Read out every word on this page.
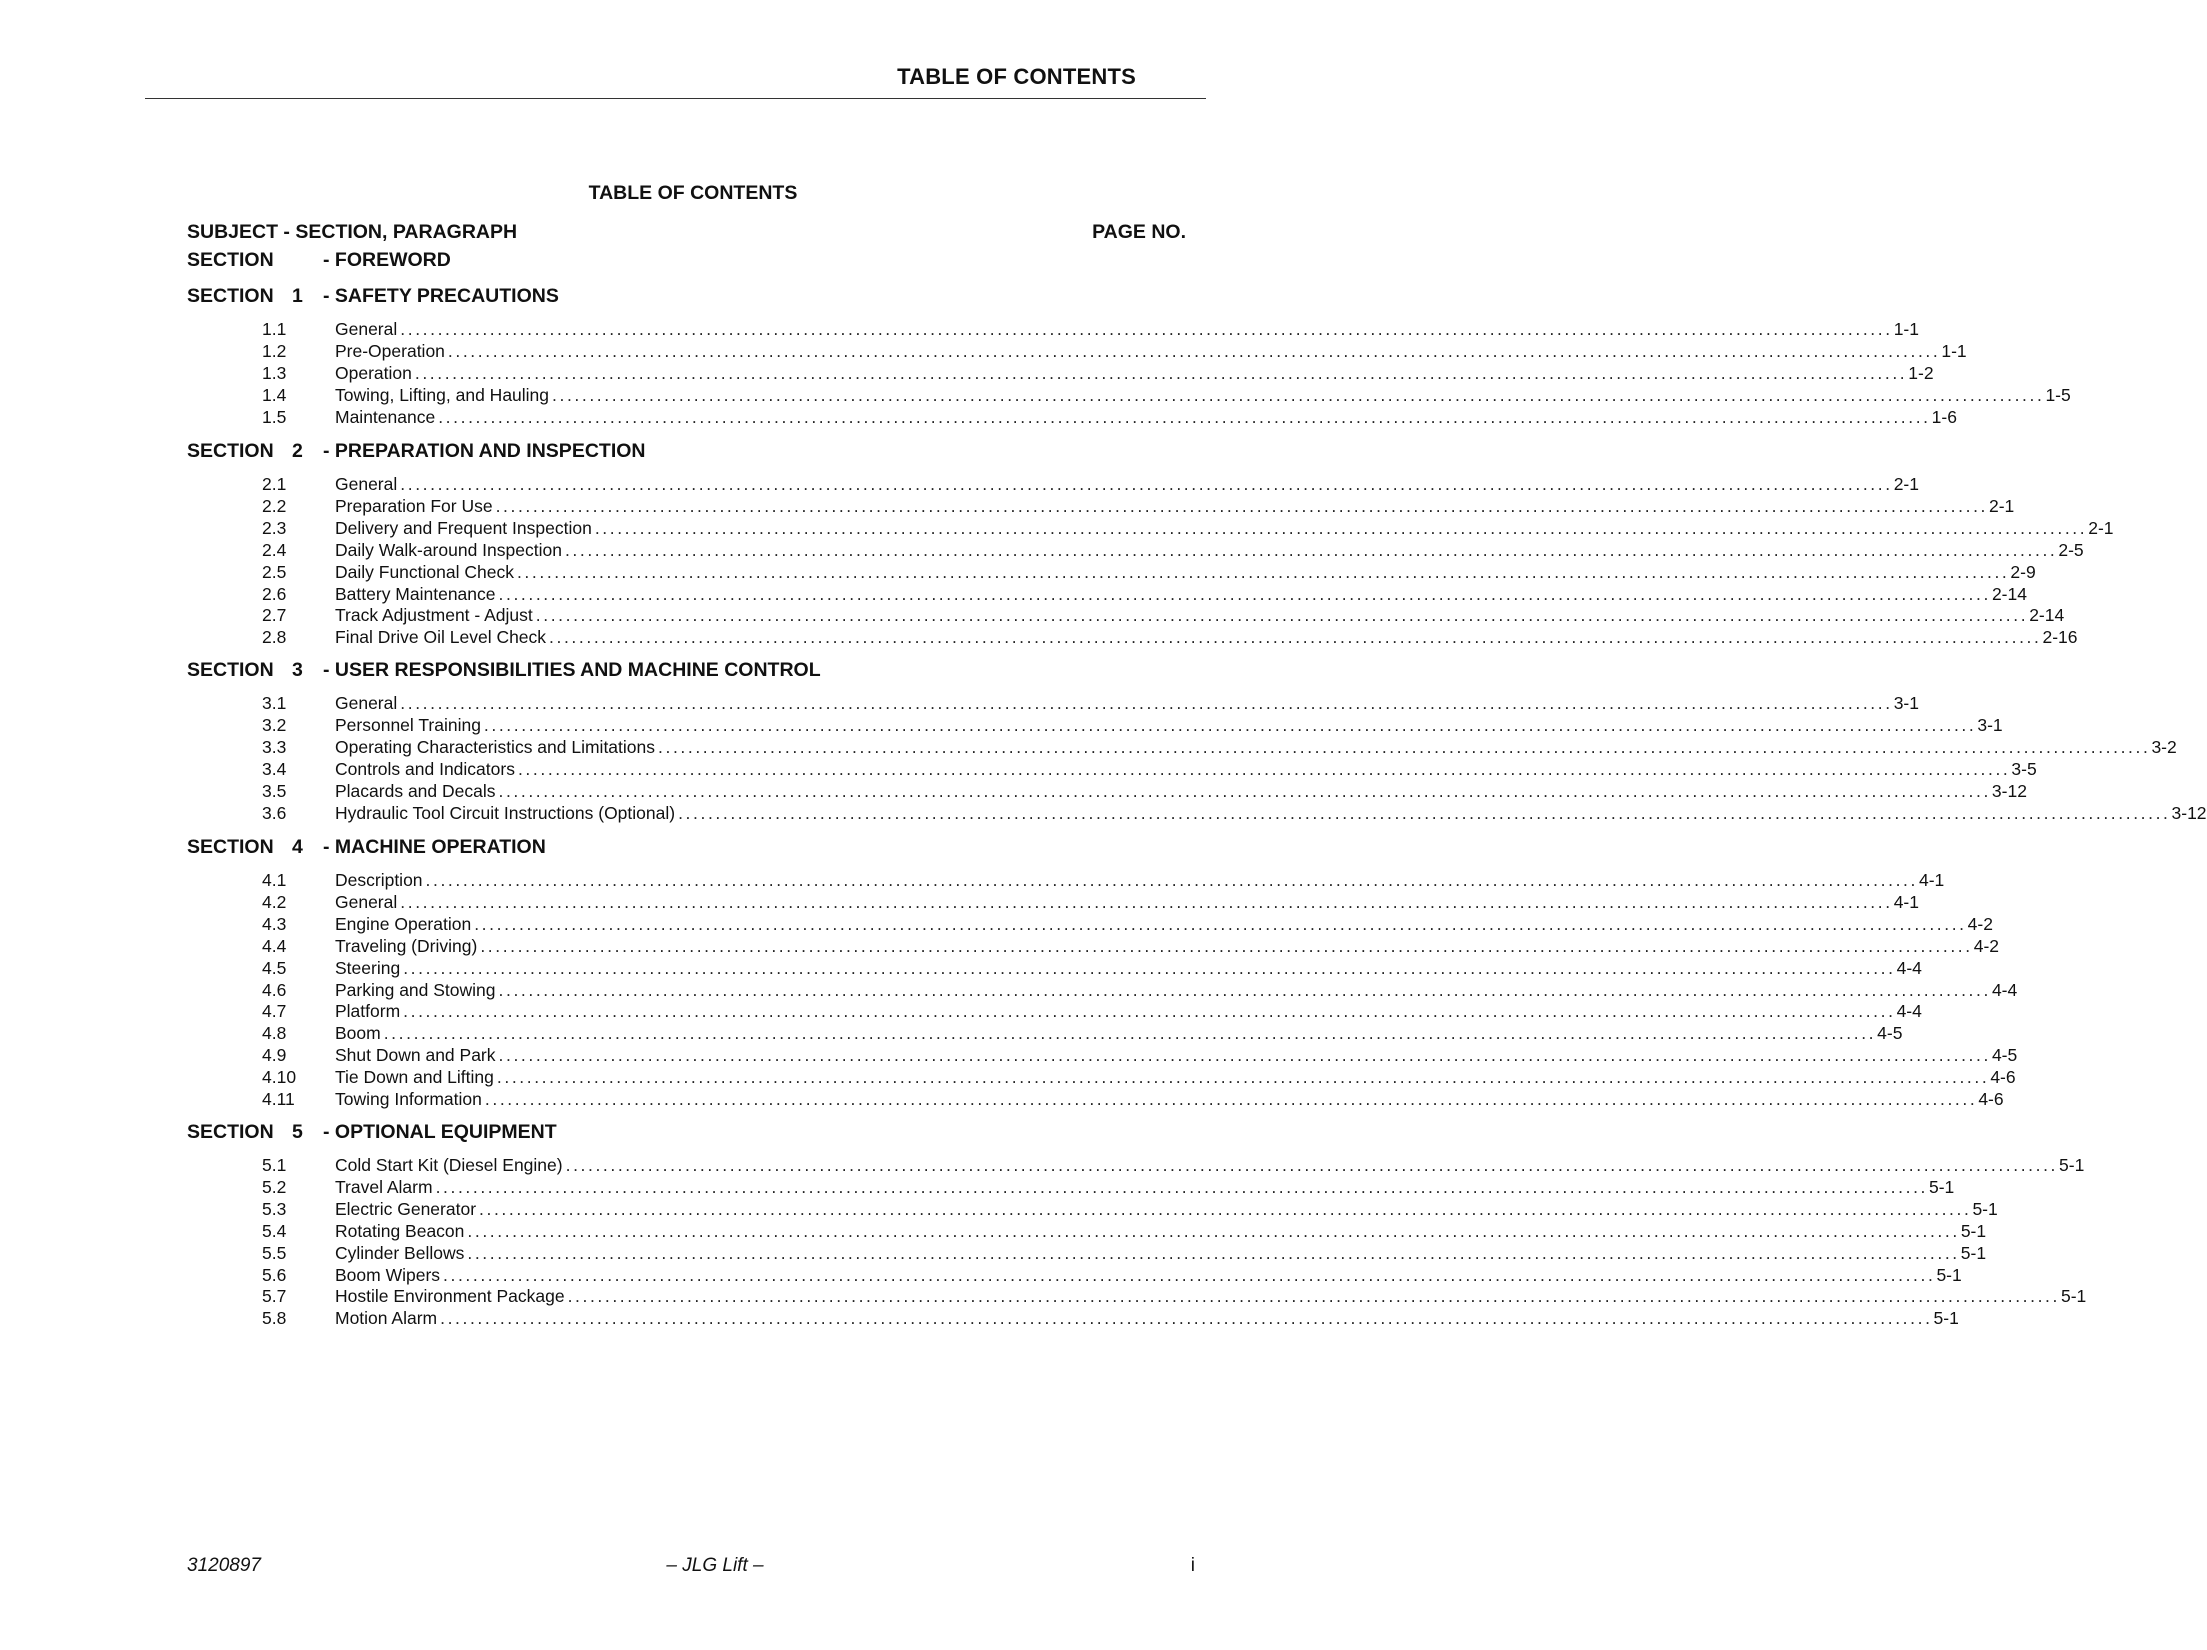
TABLE OF CONTENTS
TABLE OF CONTENTS
SUBJECT - SECTION, PARAGRAPH	PAGE NO.
SECTION	- FOREWORD
SECTION 1 - SAFETY PRECAUTIONS
1.1	General ........................................................................................................................................................................................................ 1-1
1.2	Pre-Operation ........................................................................................................................................................................................................ 1-1
1.3	Operation ........................................................................................................................................................................................................ 1-2
1.4	Towing, Lifting, and Hauling ........................................................................................................................................................................................................ 1-5
1.5	Maintenance ........................................................................................................................................................................................................ 1-6
SECTION 2 - PREPARATION AND INSPECTION
2.1	General ........................................................................................................................................................................................................ 2-1
2.2	Preparation For Use ........................................................................................................................................................................................................ 2-1
2.3	Delivery and Frequent Inspection ........................................................................................................................................................................................................ 2-1
2.4	Daily Walk-around Inspection ........................................................................................................................................................................................................ 2-5
2.5	Daily Functional Check ........................................................................................................................................................................................................ 2-9
2.6	Battery Maintenance ........................................................................................................................................................................................................ 2-14
2.7	Track Adjustment - Adjust ........................................................................................................................................................................................................ 2-14
2.8	Final Drive Oil Level Check ........................................................................................................................................................................................................ 2-16
SECTION 3 - USER RESPONSIBILITIES AND MACHINE CONTROL
3.1	General ........................................................................................................................................................................................................ 3-1
3.2	Personnel Training ........................................................................................................................................................................................................ 3-1
3.3	Operating Characteristics and Limitations ........................................................................................................................................................................................................ 3-2
3.4	Controls and Indicators ........................................................................................................................................................................................................ 3-5
3.5	Placards and Decals ........................................................................................................................................................................................................ 3-12
3.6	Hydraulic Tool Circuit Instructions (Optional) ........................................................................................................................................................................................................ 3-12
SECTION 4 - MACHINE OPERATION
4.1	Description ........................................................................................................................................................................................................ 4-1
4.2	General ........................................................................................................................................................................................................ 4-1
4.3	Engine Operation ........................................................................................................................................................................................................ 4-2
4.4	Traveling (Driving) ........................................................................................................................................................................................................ 4-2
4.5	Steering ........................................................................................................................................................................................................ 4-4
4.6	Parking and Stowing ........................................................................................................................................................................................................ 4-4
4.7	Platform ........................................................................................................................................................................................................ 4-4
4.8	Boom ........................................................................................................................................................................................................ 4-5
4.9	Shut Down and Park ........................................................................................................................................................................................................ 4-5
4.10 Tie Down and Lifting ........................................................................................................................................................................................................ 4-6
4.11 Towing Information ........................................................................................................................................................................................................ 4-6
SECTION 5 - OPTIONAL EQUIPMENT
5.1	Cold Start Kit (Diesel Engine) ........................................................................................................................................................................................................ 5-1
5.2	Travel Alarm ........................................................................................................................................................................................................ 5-1
5.3	Electric Generator ........................................................................................................................................................................................................ 5-1
5.4	Rotating Beacon ........................................................................................................................................................................................................ 5-1
5.5	Cylinder Bellows ........................................................................................................................................................................................................ 5-1
5.6	Boom Wipers ........................................................................................................................................................................................................ 5-1
5.7	Hostile Environment Package ........................................................................................................................................................................................................ 5-1
5.8	Motion Alarm ........................................................................................................................................................................................................ 5-1
3120897	– JLG Lift –	i
